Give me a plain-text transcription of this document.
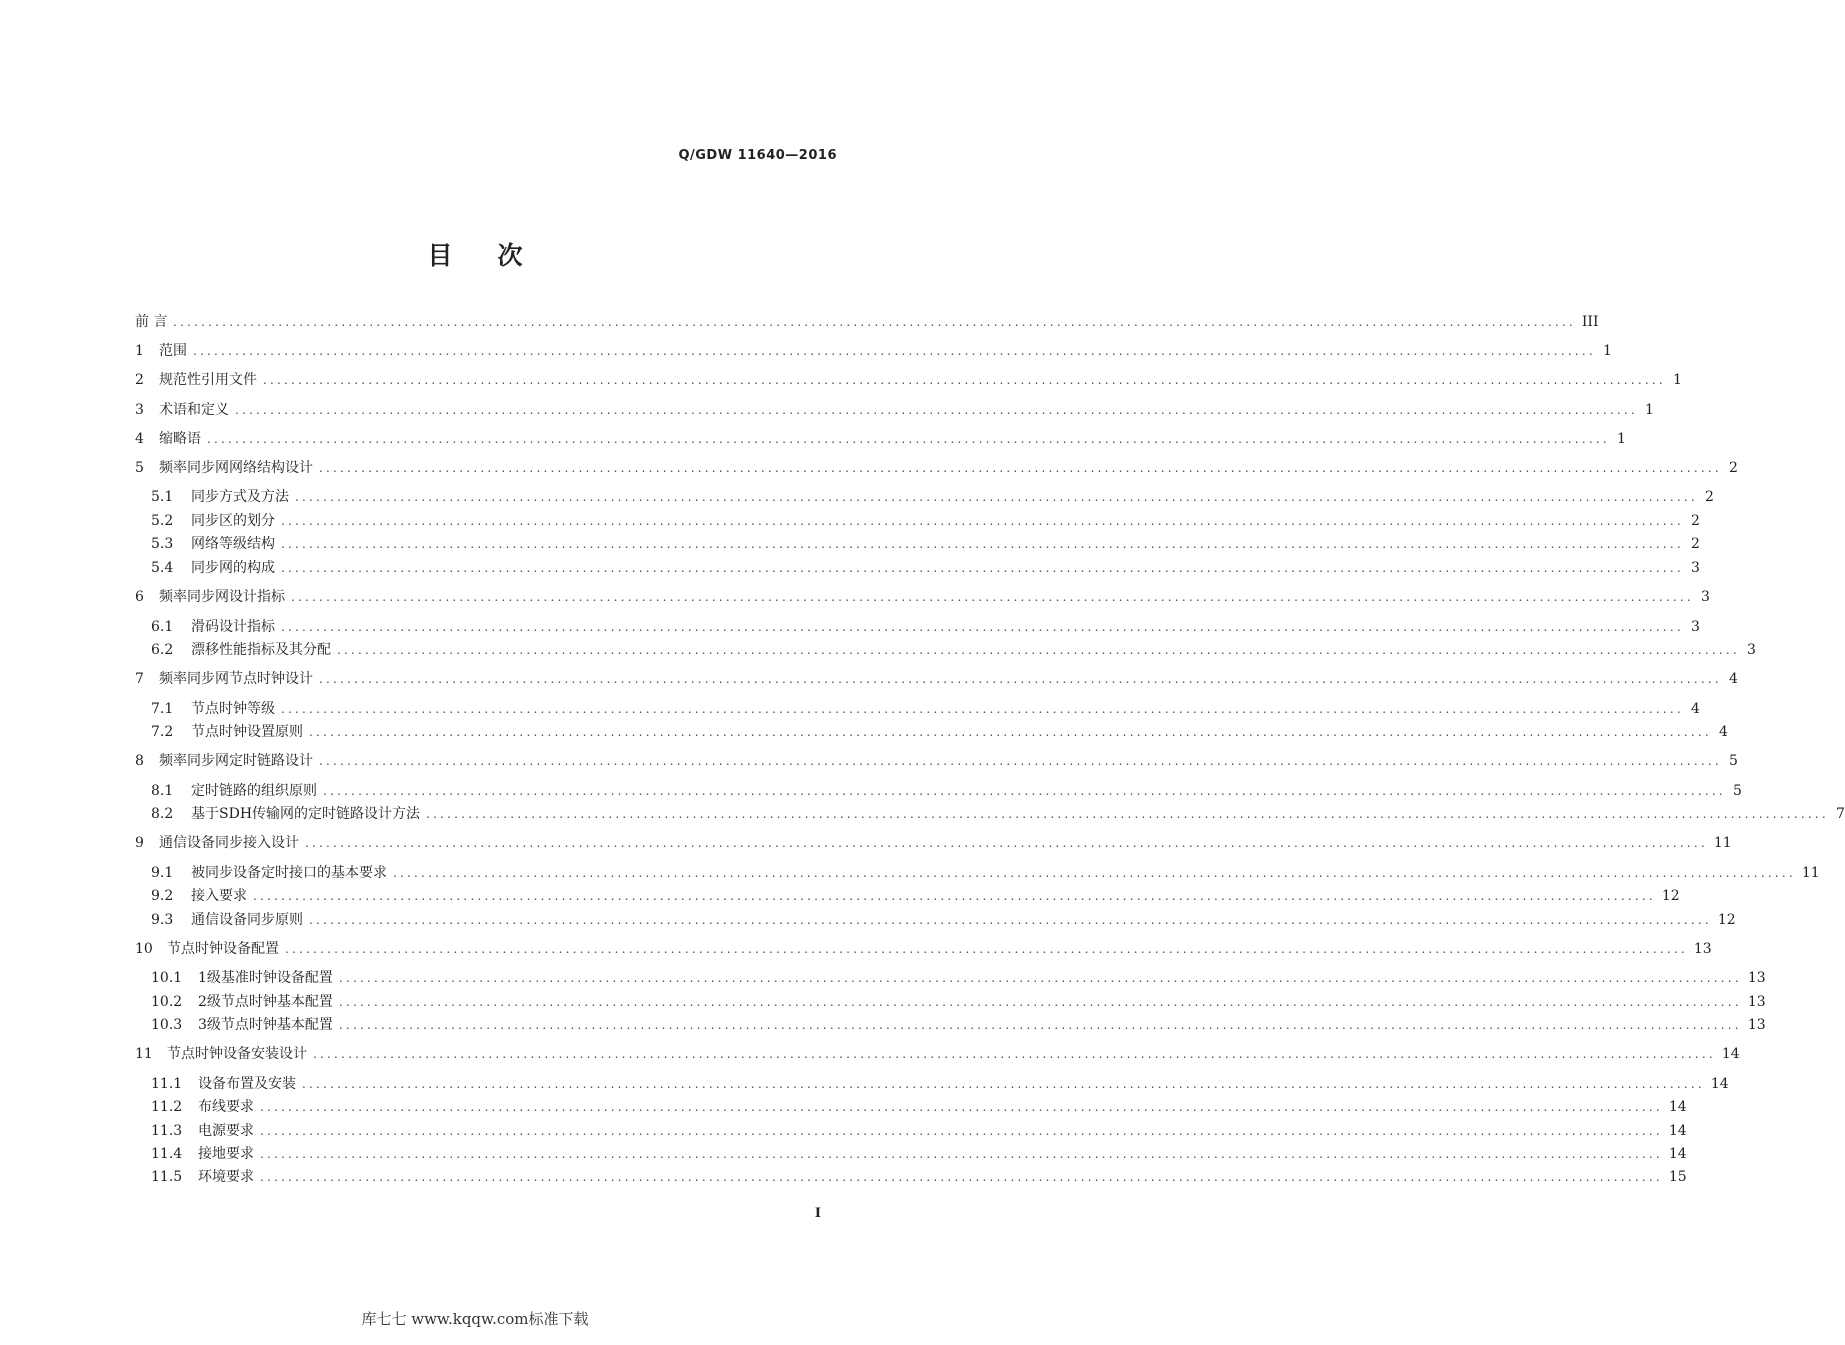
Q/GDW 11640—2016
目次
前 言 ........................................................................................................................................................................................................ III
1	范围 ........................................................................................................................................................................................................ 1
2	规范性引用文件 ........................................................................................................................................................................................................ 1
3	术语和定义 ........................................................................................................................................................................................................ 1
4	缩略语 ........................................................................................................................................................................................................ 1
5	频率同步网网络结构设计 ........................................................................................................................................................................................................ 2
5.1	同步方式及方法 ........................................................................................................................................................................................................ 2
5.2	同步区的划分 ........................................................................................................................................................................................................ 2
5.3	网络等级结构 ........................................................................................................................................................................................................ 2
5.4	同步网的构成 ........................................................................................................................................................................................................ 3
6	频率同步网设计指标 ........................................................................................................................................................................................................ 3
6.1	滑码设计指标 ........................................................................................................................................................................................................ 3
6.2	漂移性能指标及其分配 ........................................................................................................................................................................................................ 3
7	频率同步网节点时钟设计 ........................................................................................................................................................................................................ 4
7.1	节点时钟等级 ........................................................................................................................................................................................................ 4
7.2	节点时钟设置原则 ........................................................................................................................................................................................................ 4
8	频率同步网定时链路设计 ........................................................................................................................................................................................................ 5
8.1	定时链路的组织原则 ........................................................................................................................................................................................................ 5
8.2	基于SDH传输网的定时链路设计方法 ........................................................................................................................................................................................................ 7
9	通信设备同步接入设计 ........................................................................................................................................................................................................ 11
9.1	被同步设备定时接口的基本要求 ........................................................................................................................................................................................................ 11
9.2	接入要求 ........................................................................................................................................................................................................ 12
9.3	通信设备同步原则 ........................................................................................................................................................................................................ 12
10	节点时钟设备配置 ........................................................................................................................................................................................................ 13
10.1	1级基准时钟设备配置 ........................................................................................................................................................................................................ 13
10.2	2级节点时钟基本配置 ........................................................................................................................................................................................................ 13
10.3	3级节点时钟基本配置 ........................................................................................................................................................................................................ 13
11	节点时钟设备安装设计 ........................................................................................................................................................................................................ 14
11.1	设备布置及安装 ........................................................................................................................................................................................................ 14
11.2	布线要求 ........................................................................................................................................................................................................ 14
11.3	电源要求 ........................................................................................................................................................................................................ 14
11.4	接地要求 ........................................................................................................................................................................................................ 14
11.5	环境要求 ........................................................................................................................................................................................................ 15
I
库七七 www.kqqw.com标准下载
